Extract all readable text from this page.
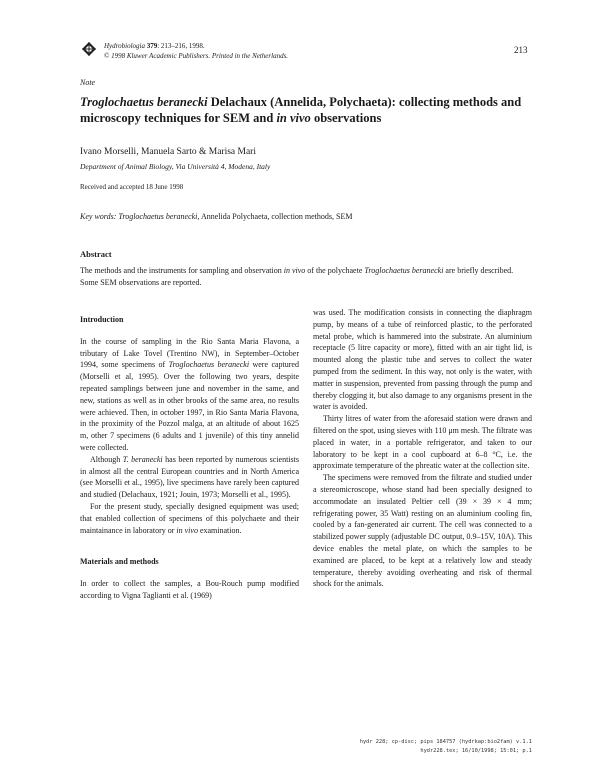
Hydrobiologia 379: 213–216, 1998.
© 1998 Kluwer Academic Publishers. Printed in the Netherlands.
213
Note
Troglochaetus beranecki Delachaux (Annelida, Polychaeta): collecting methods and microscopy techniques for SEM and in vivo observations
Ivano Morselli, Manuela Sarto & Marisa Mari
Department of Animal Biology, Via Università 4, Modena, Italy
Received and accepted 18 June 1998
Key words: Troglochaetus beranecki, Annelida Polychaeta, collection methods, SEM
Abstract
The methods and the instruments for sampling and observation in vivo of the polychaete Troglochaetus beranecki are briefly described. Some SEM observations are reported.
Introduction

In the course of sampling in the Rio Santa Maria Flavona, a tributary of Lake Tovel (Trentino NW), in September–October 1994, some specimens of Troglochaetus beranecki were captured (Morselli et al, 1995). Over the following two years, despite repeated samplings between june and november in the same, and new, stations as well as in other brooks of the same area, no results were achieved. Then, in october 1997, in Rio Santa Maria Flavona, in the proximity of the Pozzol malga, at an altitude of about 1625 m, other 7 specimens (6 adults and 1 juvenile) of this tiny annelid were collected.

Although T. beranecki has been reported by numerous scientists in almost all the central European countries and in North America (see Morselli et al., 1995), live specimens have rarely been captured and studied (Delachaux, 1921; Jouin, 1973; Morselli et al., 1995).

For the present study, specially designed equipment was used; that enabled collection of specimens of this polychaete and their maintainance in laboratory or in vivo examination.

Materials and methods

In order to collect the samples, a Bou-Rouch pump modified according to Vigna Taglianti et al. (1969)

was used. The modification consists in connecting the diaphragm pump, by means of a tube of reinforced plastic, to the perforated metal probe, which is hammered into the substrate. An aluminium receptacle (5 litre capacity or more), fitted with an air tight lid, is mounted along the plastic tube and serves to collect the water pumped from the sediment. In this way, not only is the water, with matter in suspension, prevented from passing through the pump and thereby clogging it, but also damage to any organisms present in the water is avoided.

Thirty litres of water from the aforesaid station were drawn and filtered on the spot, using sieves with 110 μm mesh. The filtrate was placed in water, in a portable refrigerator, and taken to our laboratory to be kept in a cool cupboard at 6–8 °C, i.e. the approximate temperature of the phreatic water at the collection site.

The specimens were removed from the filtrate and studied under a stereomicroscope, whose stand had been specially designed to accommodate an insulated Peltier cell (39 × 39 × 4 mm; refrigerating power, 35 Watt) resting on an aluminium cooling fin, cooled by a fan-generated air current. The cell was connected to a stabilized power supply (adjustable DC output, 0.9–15V, 10A). This device enables the metal plate, on which the samples to be examined are placed, to be kept at a relatively low and steady temperature, thereby avoiding overheating and risk of thermal shock for the animals.

hydr 228; cp-disc; pips 184757 (hydrkap:bio2fam) v.1.1
hydr228.tex; 16/10/1998; 15:01; p.1
